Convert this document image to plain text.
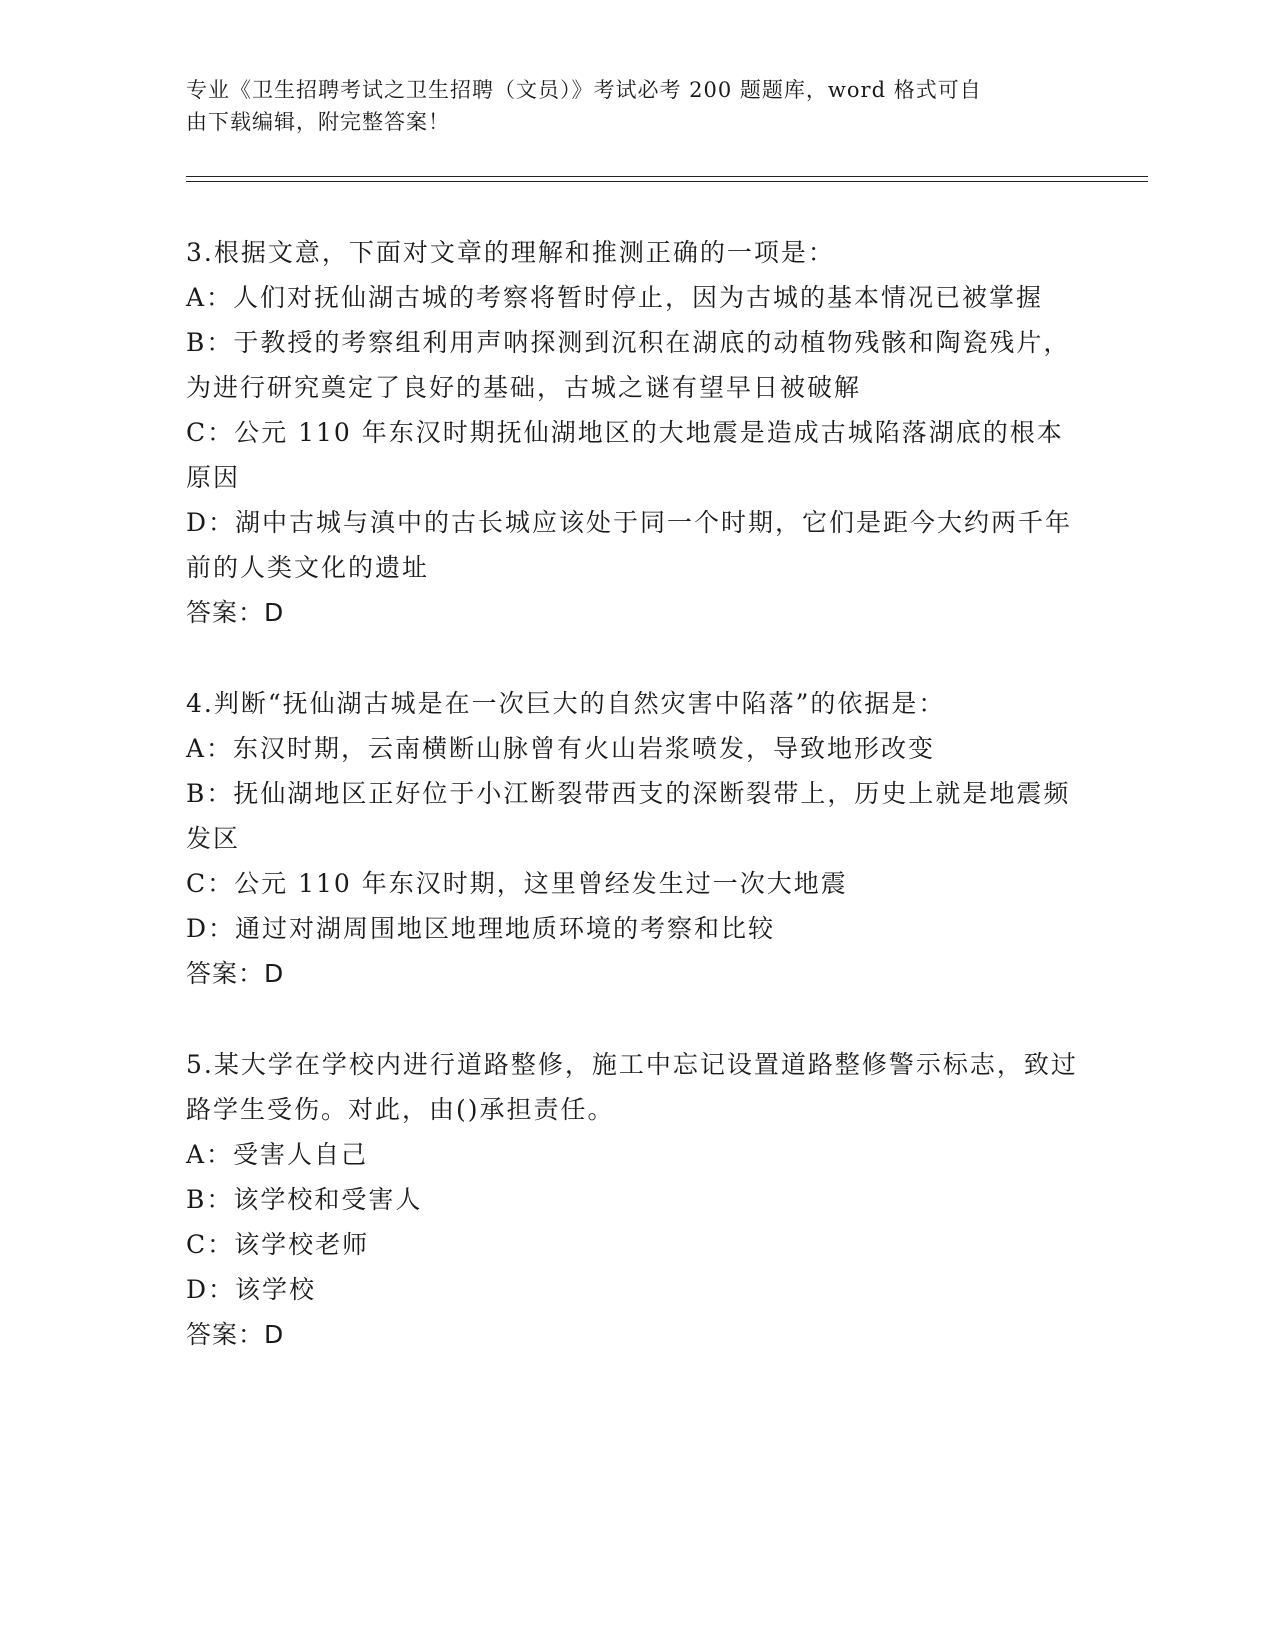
专业《卫生招聘考试之卫生招聘（文员）》考试必考 200 题题库，word 格式可自
由下载编辑，附完整答案！

3.根据文意，下面对文章的理解和推测正确的一项是：

A：人们对抚仙湖古城的考察将暂时停止，因为古城的基本情况已被掌握

B：于教授的考察组利用声呐探测到沉积在湖底的动植物残骸和陶瓷残片，为进行研究奠定了良好的基础，古城之谜有望早日被破解

C：公元 110 年东汉时期抚仙湖地区的大地震是造成古城陷落湖底的根本原因

D：湖中古城与滇中的古长城应该处于同一个时期，它们是距今大约两千年前的人类文化的遗址

答案：D

4.判断“抚仙湖古城是在一次巨大的自然灾害中陷落”的依据是：

A：东汉时期，云南横断山脉曾有火山岩浆喷发，导致地形改变

B：抚仙湖地区正好位于小江断裂带西支的深断裂带上，历史上就是地震频发区

C：公元 110 年东汉时期，这里曾经发生过一次大地震

D：通过对湖周围地区地理地质环境的考察和比较

答案：D

5.某大学在学校内进行道路整修，施工中忘记设置道路整修警示标志，致过路学生受伤。对此，由()承担责任。

A：受害人自己

B：该学校和受害人

C：该学校老师

D：该学校

答案：D
